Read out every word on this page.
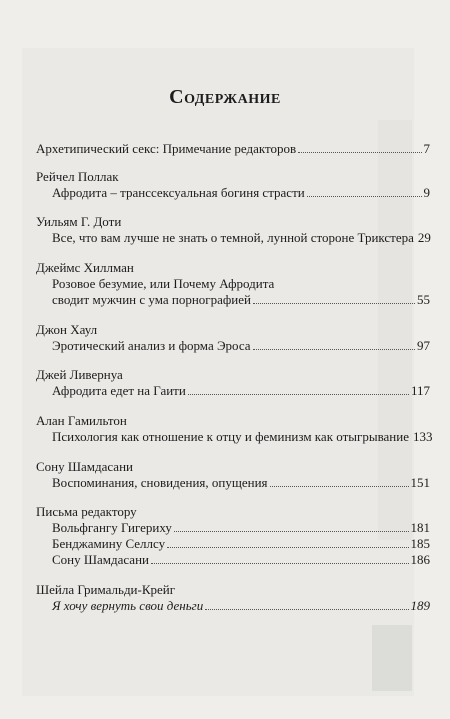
Содержание
Архетипический секс: Примечание редакторов	7
Рейчел Поллак
Афродита – транссексуальная богиня страсти	9
Уильям Г. Доти
Все, что вам лучше не знать о темной, лунной стороне Трикстера 29
Джеймс Хиллман
Розовое безумие, или Почему Афродита
сводит мужчин с ума порнографией	55
Джон Хаул
Эротический анализ и форма Эроса	97
Джей Ливернуа
Афродита едет на Гаити	117
Алан Гамильтон
Психология как отношение к отцу и феминизм как отыгрывание 133
Сону Шамдасани
Воспоминания, сновидения, опущения	151
Письма редактору
Вольфгангу Гигериху	181
Бенджамину Селлсу	185
Сону Шамдасани	186
Шейла Гримальди-Крейг
Я хочу вернуть свои деньги	189
